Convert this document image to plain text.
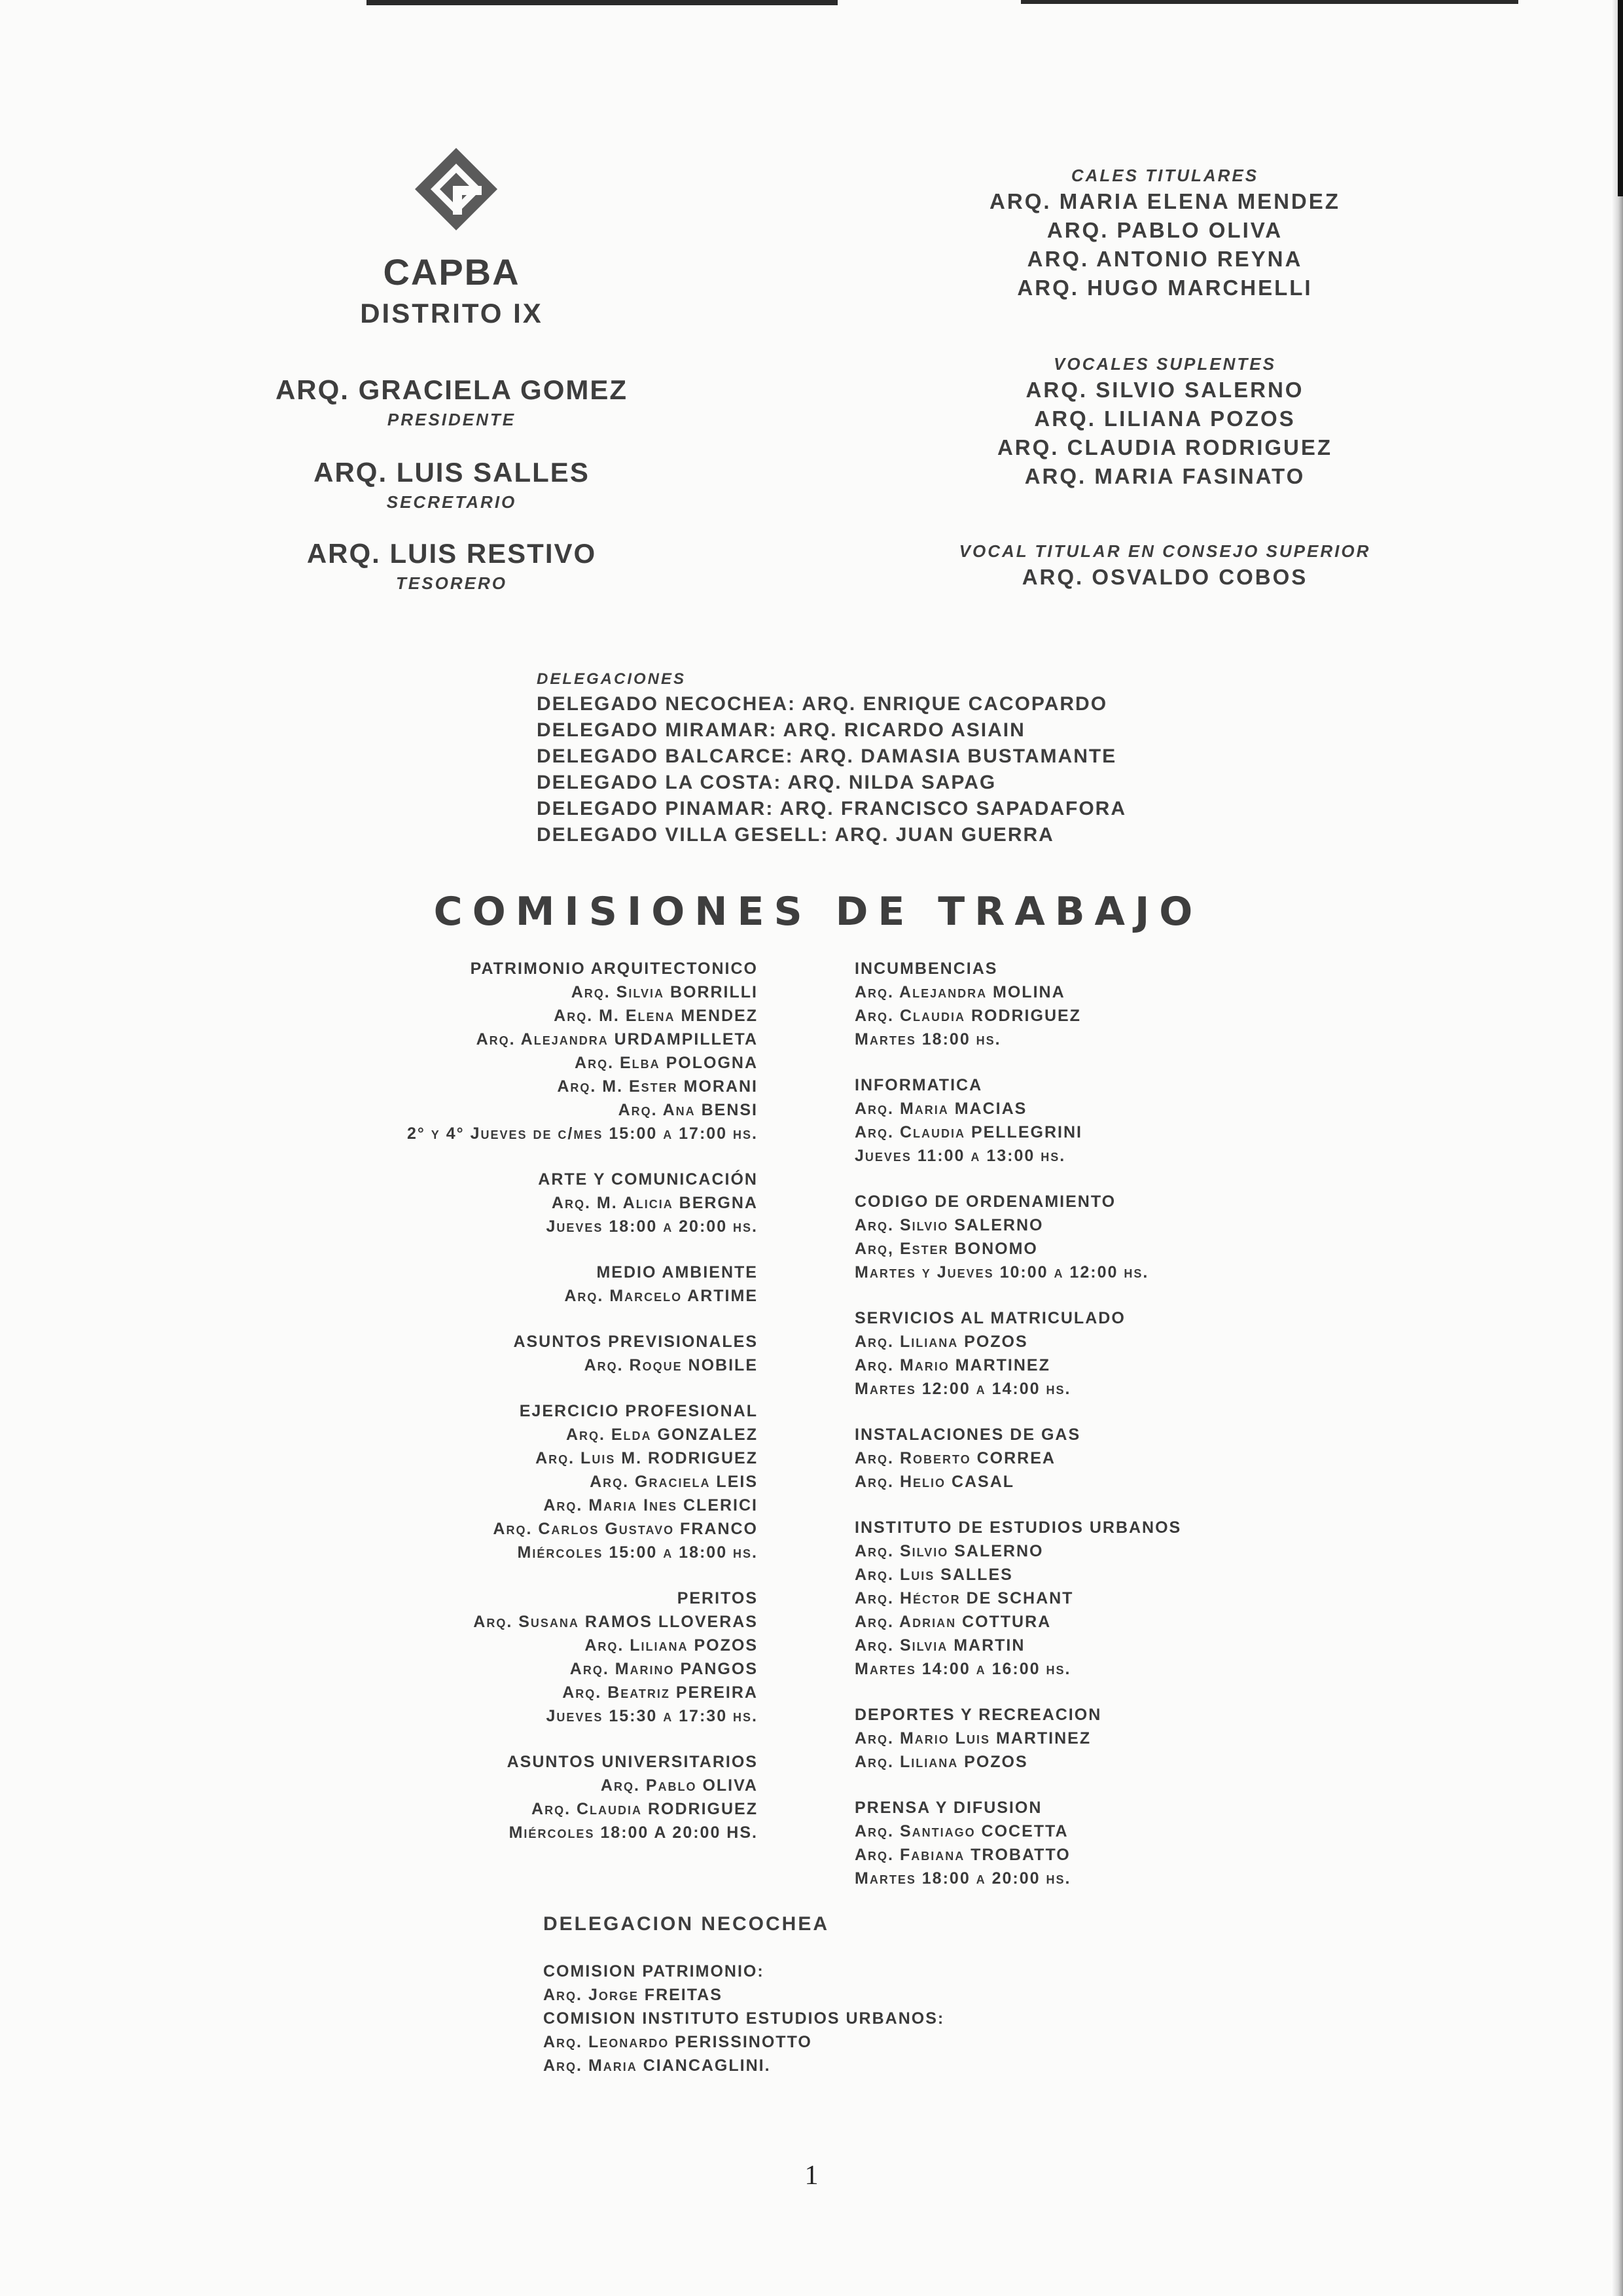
CAPBA
DISTRITO IX
ARQ. GRACIELA GOMEZ
PRESIDENTE
ARQ. LUIS SALLES
SECRETARIO
ARQ. LUIS RESTIVO
TESORERO
CALES TITULARES
ARQ. MARIA ELENA MENDEZ
ARQ. PABLO OLIVA
ARQ. ANTONIO REYNA
ARQ. HUGO MARCHELLI
VOCALES SUPLENTES
ARQ. SILVIO SALERNO
ARQ. LILIANA POZOS
ARQ. CLAUDIA RODRIGUEZ
ARQ. MARIA FASINATO
VOCAL TITULAR EN CONSEJO SUPERIOR
ARQ. OSVALDO COBOS
DELEGACIONES
DELEGADO NECOCHEA: ARQ. ENRIQUE CACOPARDO
DELEGADO MIRAMAR: ARQ. RICARDO ASIAIN
DELEGADO BALCARCE: ARQ. DAMASIA BUSTAMANTE
DELEGADO LA COSTA: ARQ. NILDA SAPAG
DELEGADO PINAMAR: ARQ. FRANCISCO SAPADAFORA
DELEGADO VILLA GESELL: ARQ. JUAN GUERRA
COMISIONES DE TRABAJO
PATRIMONIO ARQUITECTONICO
Arq. Silvia BORRILLI
Arq. M. Elena MENDEZ
Arq. Alejandra URDAMPILLETA
Arq. Elba POLOGNA
Arq. M. Ester MORANI
Arq. Ana BENSI
2° y 4° Jueves de c/mes 15:00 a 17:00 hs.
ARTE Y COMUNICACIÓN
Arq. M. Alicia BERGNA
Jueves 18:00 a 20:00 hs.
MEDIO AMBIENTE
Arq. Marcelo ARTIME
ASUNTOS PREVISIONALES
Arq. Roque NOBILE
EJERCICIO PROFESIONAL
Arq. Elda GONZALEZ
Arq. Luis M. RODRIGUEZ
Arq. Graciela LEIS
Arq. Maria Ines CLERICI
Arq. Carlos Gustavo FRANCO
Miércoles 15:00 a 18:00 hs.
PERITOS
Arq. Susana RAMOS LLOVERAS
Arq. Liliana POZOS
Arq. Marino PANGOS
Arq. Beatriz PEREIRA
Jueves 15:30 a 17:30 hs.
ASUNTOS UNIVERSITARIOS
Arq. Pablo OLIVA
Arq. Claudia RODRIGUEZ
Miércoles 18:00 A 20:00 HS.
INCUMBENCIAS
Arq. Alejandra MOLINA
Arq. Claudia RODRIGUEZ
Martes 18:00 hs.
INFORMATICA
Arq. Maria MACIAS
Arq. Claudia PELLEGRINI
Jueves 11:00 a 13:00 hs.
CODIGO DE ORDENAMIENTO
Arq. Silvio SALERNO
Arq, Ester BONOMO
Martes y Jueves 10:00 a 12:00 hs.
SERVICIOS AL MATRICULADO
Arq. Liliana POZOS
Arq. Mario MARTINEZ
Martes 12:00 a 14:00 hs.
INSTALACIONES DE GAS
Arq. Roberto CORREA
Arq. Helio CASAL
INSTITUTO DE ESTUDIOS URBANOS
Arq. Silvio SALERNO
Arq. Luis SALLES
Arq. Héctor DE SCHANT
Arq. Adrian COTTURA
Arq. Silvia MARTIN
Martes 14:00 a 16:00 hs.
DEPORTES Y RECREACION
Arq. Mario Luis MARTINEZ
Arq. Liliana POZOS
PRENSA Y DIFUSION
Arq. Santiago COCETTA
Arq. Fabiana TROBATTO
Martes 18:00 a 20:00 hs.
DELEGACION NECOCHEA
COMISION PATRIMONIO:
Arq. Jorge FREITAS
COMISION INSTITUTO ESTUDIOS URBANOS:
Arq. Leonardo PERISSINOTTO
Arq. Maria CIANCAGLINI.
1
